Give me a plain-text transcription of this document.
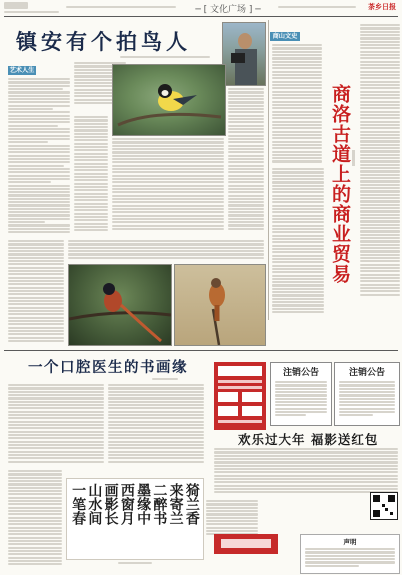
─ [ 文化广场 ] ─	茶乡日报
镇安有个拍鸟人
艺术人生
商山文史
商洛古道上的商业贸易
一个口腔医生的书画缘	注销公告	注销公告
欢乐过大年 福影送红包
猗兰香
来寄兰
二醉书
墨缘中
西窗月
画影长
山水间
一笔春
声明
